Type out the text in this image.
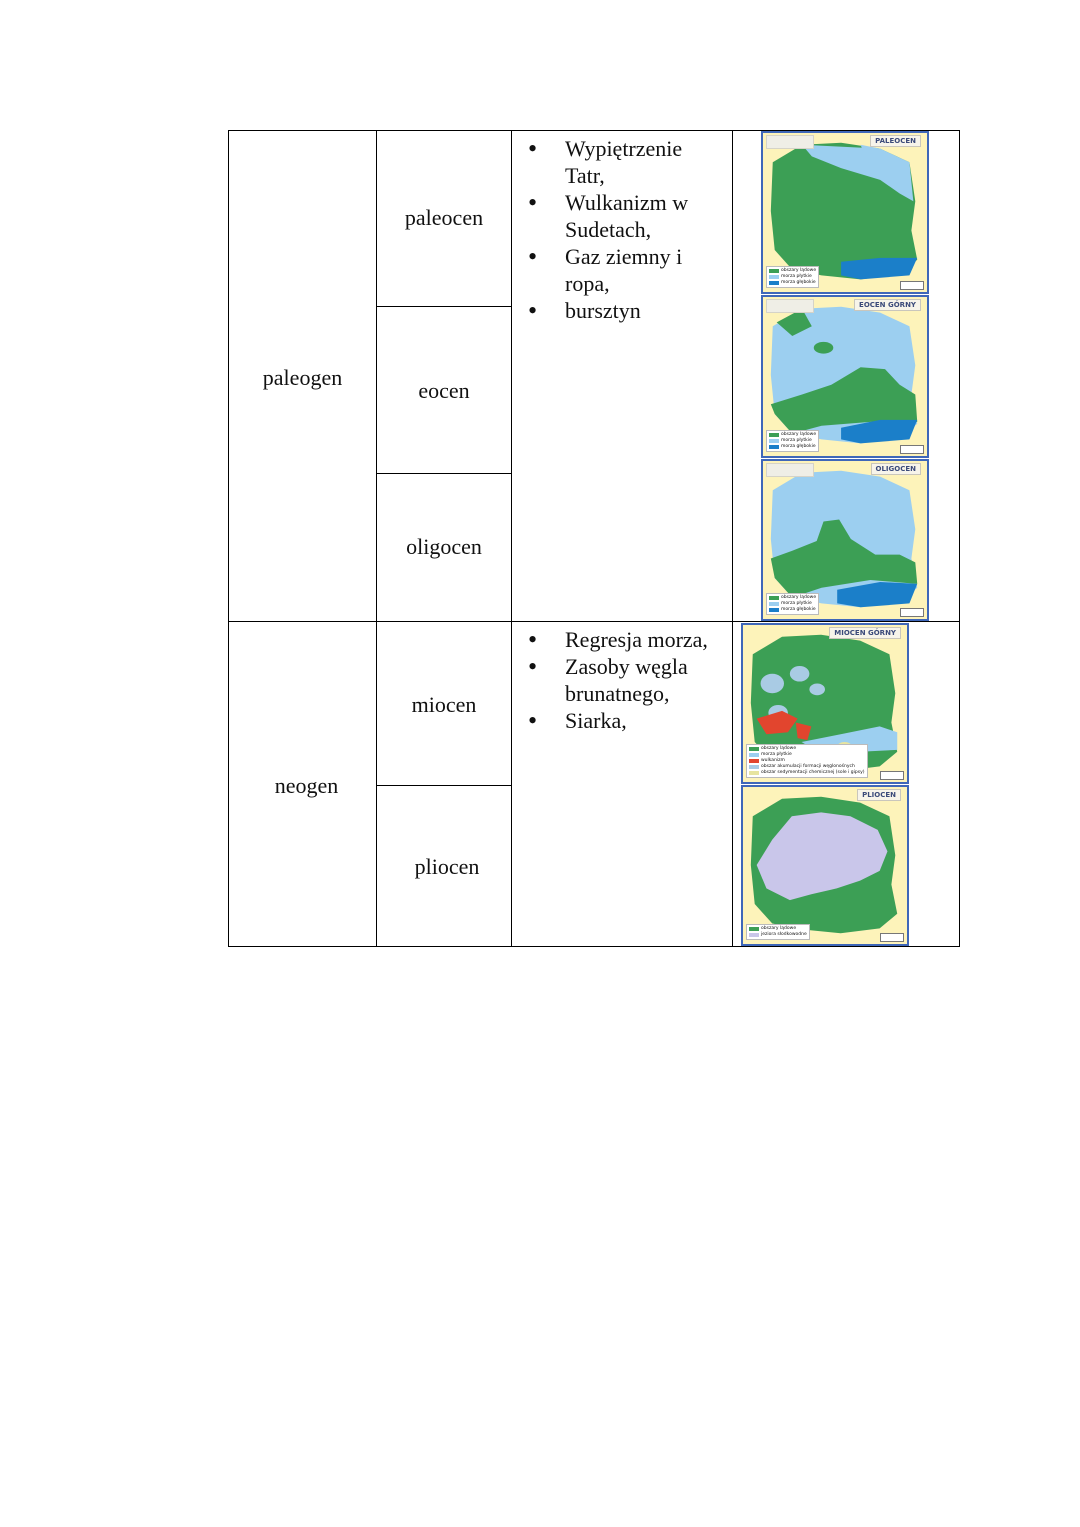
paleogen
neogen
paleocen
eocen
oligocen
miocen
pliocen
• Wypiętrzenie Tatr,
• Wulkanizm w Sudetach,
• Gaz ziemny i ropa,
• bursztyn
• Regresja morza,
• Zasoby węgla brunatnego,
• Siarka,
PALEOCEN
obszary lądowe
morza płytkie
morza głębokie
EOCEN GÓRNY
obszary lądowe
morza płytkie
morza głębokie
OLIGOCEN
obszary lądowe
morza płytkie
morza głębokie
MIOCEN GÓRNY
obszary lądowe
morza płytkie
wulkanizm
obszar akumulacji formacji węglonośnych
obszar sedymentacji chemicznej (sole i gipsy)
PLIOCEN
obszary lądowe
jeziora słodkowodne
